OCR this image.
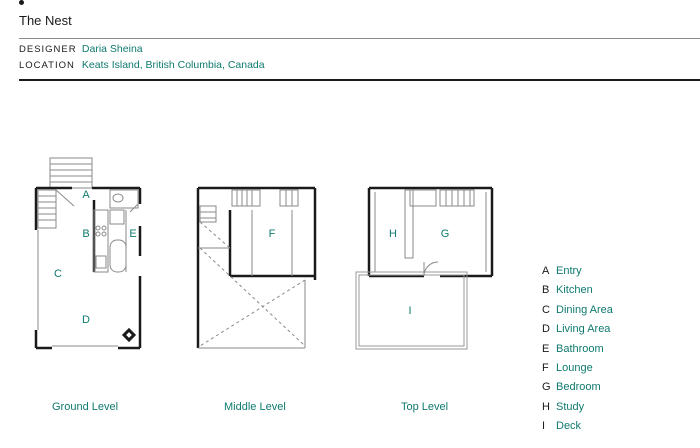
The Nest
DESIGNER Daria Sheina
LOCATION Keats Island, British Columbia, Canada
A
B	E
C
D
F	H	G
I
Ground Level	Middle Level	Top Level
A Entry
B Kitchen
C Dining Area
D Living Area
E Bathroom
F Lounge
G Bedroom
H Study
I Deck
